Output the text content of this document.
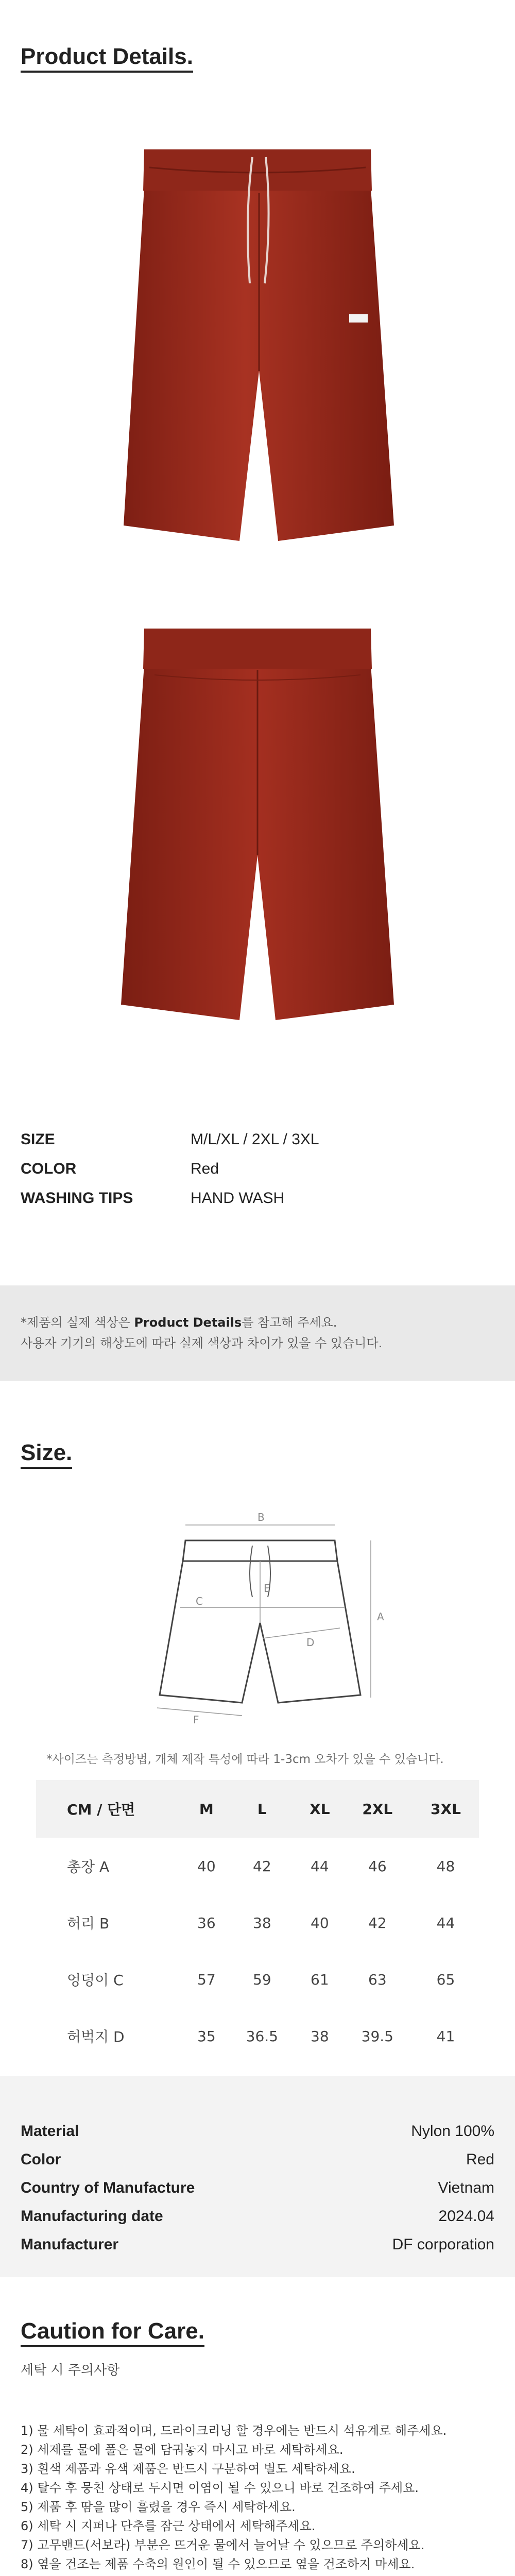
Product Details.
SIZE	M/L/XL / 2XL / 3XL
COLOR	Red
WASHING TIPS	HAND WASH

*제품의 실제 색상은 Product Details를 참고해 주세요.

사용자 기기의 해상도에 따라 실제 색상과 차이가 있을 수 있습니다.

Size.
B
C
A
E
D
F
*사이즈는 측정방법, 개체 제작 특성에 따라 1-3cm 오차가 있을 수 있습니다.
CM / 단면	M	L	XL	2XL	3XL
총장 A	40	42	44	46	48
허리 B	36	38	40	42	44
엉덩이 C	57	59	61	63	65
허벅지 D	35	36.5	38	39.5	41

Material	Nylon 100%
Color	Red
Country of Manufacture	Vietnam
Manufacturing date	2024.04
Manufacturer	DF corporation
Caution for Care.
세탁 시 주의사항

1) 물 세탁이 효과적이며, 드라이크리닝 할 경우에는 반드시 석유계로 해주세요.

2) 세제를 물에 풀은 물에 담궈놓지 마시고 바로 세탁하세요.

3) 흰색 제품과 유색 제품은 반드시 구분하여 별도 세탁하세요.

4) 탈수 후 뭉친 상태로 두시면 이염이 될 수 있으니 바로 건조하여 주세요.

5) 제품 후 땀을 많이 흘렸을 경우 즉시 세탁하세요.

6) 세탁 시 지퍼나 단추를 잠근 상태에서 세탁해주세요.

7) 고무밴드(서보라) 부분은 뜨거운 물에서 늘어날 수 있으므로 주의하세요.

8) 옆을 건조는 제품 수축의 원인이 될 수 있으므로 옆을 건조하지 마세요.
